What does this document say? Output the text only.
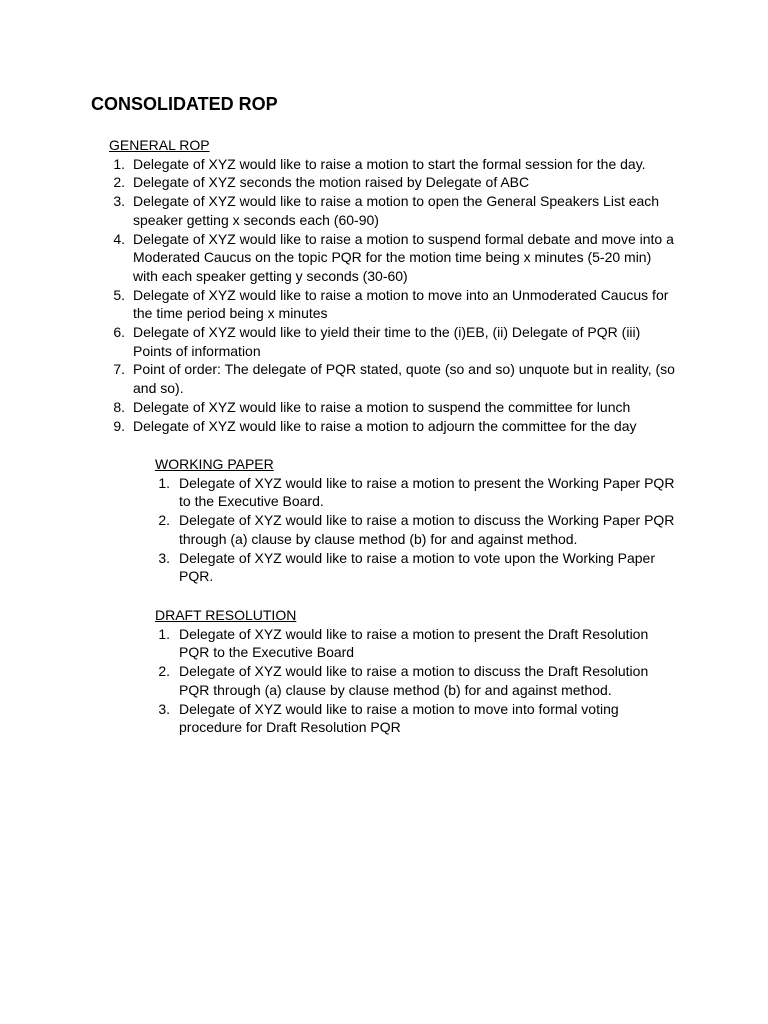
CONSOLIDATED ROP
GENERAL ROP
1. Delegate of XYZ would like to raise a motion to start the formal session for the day.
2. Delegate of XYZ seconds the motion raised by Delegate of ABC
3. Delegate of XYZ would like to raise a motion to open the General Speakers List each speaker getting x seconds each (60-90)
4. Delegate of XYZ would like to raise a motion to suspend formal debate and move into a Moderated Caucus on the topic PQR for the motion time being x minutes (5-20 min) with each speaker getting y seconds (30-60)
5. Delegate of XYZ would like to raise a motion to move into an Unmoderated Caucus for the time period being x minutes
6. Delegate of XYZ would like to yield their time to the (i)EB, (ii) Delegate of PQR (iii) Points of information
7. Point of order: The delegate of PQR stated, quote (so and so) unquote but in reality, (so and so).
8. Delegate of XYZ would like to raise a motion to suspend the committee for lunch
9. Delegate of XYZ would like to raise a motion to adjourn the committee for the day
WORKING PAPER
1. Delegate of XYZ would like to raise a motion to present the Working Paper PQR to the Executive Board.
2. Delegate of XYZ would like to raise a motion to discuss the Working Paper PQR through (a) clause by clause method (b) for and against method.
3. Delegate of XYZ would like to raise a motion to vote upon the Working Paper PQR.
DRAFT RESOLUTION
1. Delegate of XYZ would like to raise a motion to present the Draft Resolution PQR to the Executive Board
2. Delegate of XYZ would like to raise a motion to discuss the Draft Resolution PQR through (a) clause by clause method (b) for and against method.
3. Delegate of XYZ would like to raise a motion to move into formal voting procedure for Draft Resolution PQR
